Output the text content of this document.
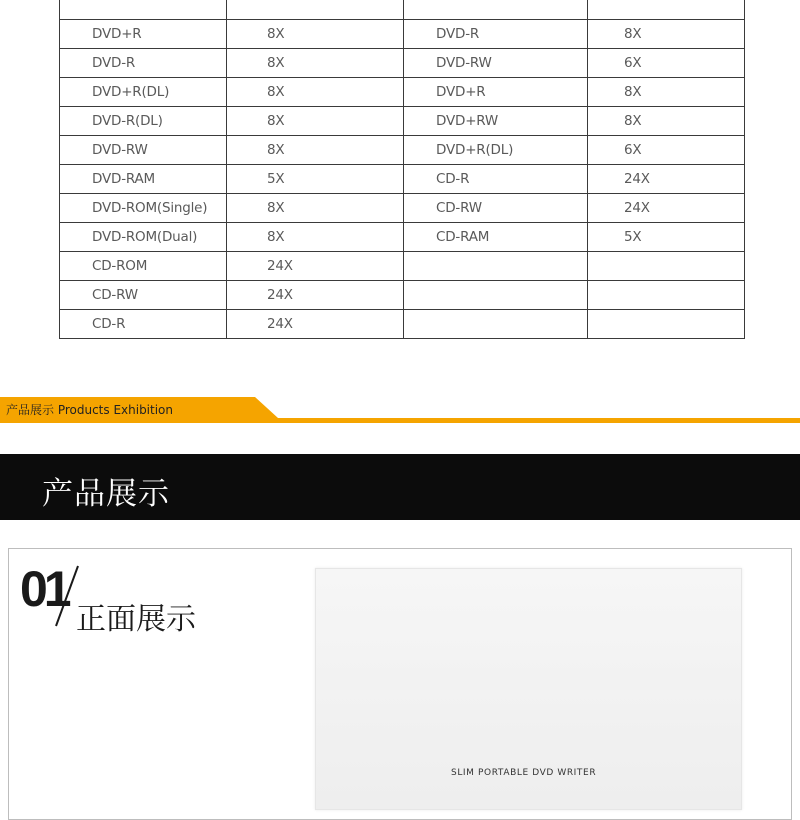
DVD+R	8X	DVD-R	8X
DVD-R	8X	DVD-RW	6X
DVD+R(DL)	8X	DVD+R	8X
DVD-R(DL)	8X	DVD+RW	8X
DVD-RW	8X	DVD+R(DL)	6X
DVD-RAM	5X	CD-R	24X
DVD-ROM(Single)	8X	CD-RW	24X
DVD-ROM(Dual)	8X	CD-RAM	5X
CD-ROM	24X		
CD-RW	24X		
CD-R	24X		
产品展示 Products Exhibition
产品展示
01
正面展示
SLIM PORTABLE DVD WRITER
